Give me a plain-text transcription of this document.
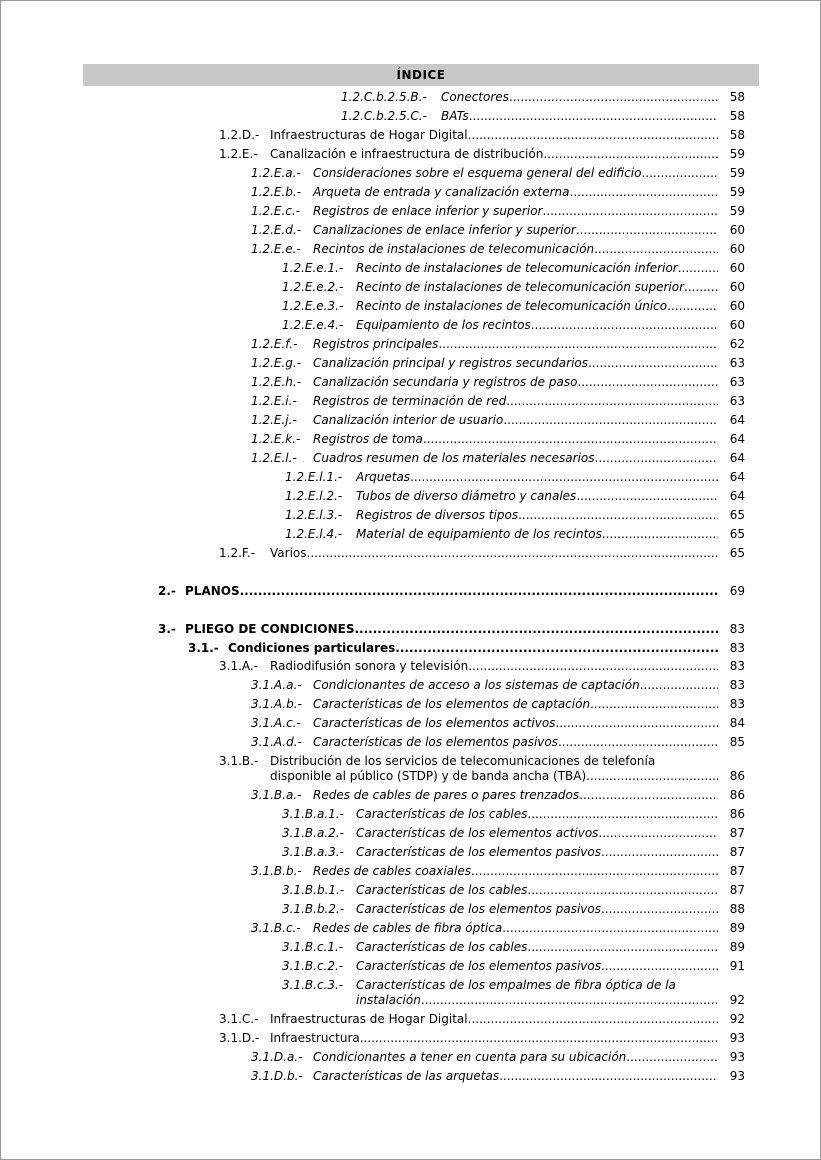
ÍNDICE
1.2.C.b.2.5.B.- Conectores .....	58
1.2.C.b.2.5.C.- BATs .....	58
1.2.D.- Infraestructuras de Hogar Digital .....	58
1.2.E.- Canalización e infraestructura de distribución .....	59
1.2.E.a.- Consideraciones sobre el esquema general del edificio .....	59
1.2.E.b.- Arqueta de entrada y canalización externa .....	59
1.2.E.c.- Registros de enlace inferior y superior .....	59
1.2.E.d.- Canalizaciones de enlace inferior y superior .....	60
1.2.E.e.- Recintos de instalaciones de telecomunicación .....	60
1.2.E.e.1.- Recinto de instalaciones de telecomunicación inferior .....	60
1.2.E.e.2.- Recinto de instalaciones de telecomunicación superior .....	60
1.2.E.e.3.- Recinto de instalaciones de telecomunicación único .....	60
1.2.E.e.4.- Equipamiento de los recintos .....	60
1.2.E.f.- Registros principales .....	62
1.2.E.g.- Canalización principal y registros secundarios .....	63
1.2.E.h.- Canalización secundaria y registros de paso .....	63
1.2.E.i.- Registros de terminación de red .....	63
1.2.E.j.- Canalización interior de usuario .....	64
1.2.E.k.- Registros de toma .....	64
1.2.E.l.- Cuadros resumen de los materiales necesarios .....	64
1.2.E.l.1.- Arquetas .....	64
1.2.E.l.2.- Tubos de diverso diámetro y canales .....	64
1.2.E.l.3.- Registros de diversos tipos .....	65
1.2.E.l.4.- Material de equipamiento de los recintos .....	65
1.2.F.- Varios .....	65
2.- PLANOS .....	69
3.- PLIEGO DE CONDICIONES .....	83
3.1.- Condiciones particulares .....	83
3.1.A.- Radiodifusión sonora y televisión .....	83
3.1.A.a.- Condicionantes de acceso a los sistemas de captación .....	83
3.1.A.b.- Características de los elementos de captación .....	83
3.1.A.c.- Características de los elementos activos .....	84
3.1.A.d.- Características de los elementos pasivos .....	85
3.1.B.- Distribución de los servicios de telecomunicaciones de telefonía
disponible al público (STDP) y de banda ancha (TBA) .....	86
3.1.B.a.- Redes de cables de pares o pares trenzados .....	86
3.1.B.a.1.- Características de los cables .....	86
3.1.B.a.2.- Características de los elementos activos .....	87
3.1.B.a.3.- Características de los elementos pasivos .....	87
3.1.B.b.- Redes de cables coaxiales .....	87
3.1.B.b.1.- Características de los cables .....	87
3.1.B.b.2.- Características de los elementos pasivos .....	88
3.1.B.c.- Redes de cables de fibra óptica .....	89
3.1.B.c.1.- Características de los cables .....	89
3.1.B.c.2.- Características de los elementos pasivos .....	91
3.1.B.c.3.- Características de los empalmes de fibra óptica de la
instalación .....	92
3.1.C.- Infraestructuras de Hogar Digital .....	92
3.1.D.- Infraestructura .....	93
3.1.D.a.- Condicionantes a tener en cuenta para su ubicación .....	93
3.1.D.b.- Características de las arquetas .....	93
